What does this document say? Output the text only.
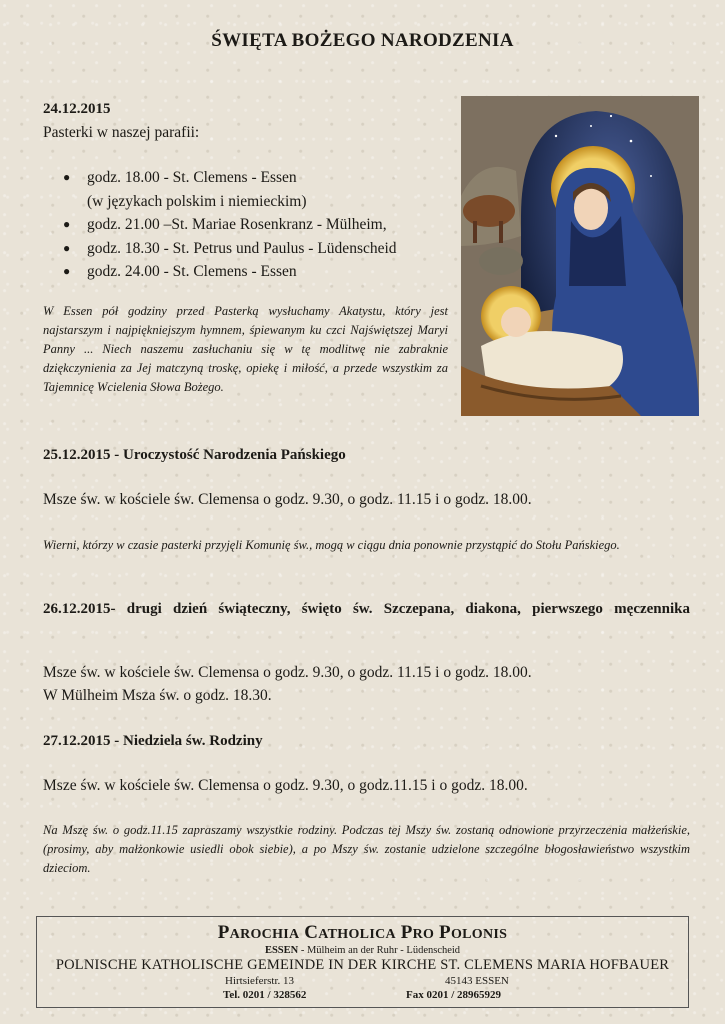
ŚWIĘTA BOŻEGO NARODZENIA
24.12.2015
Pasterki w naszej parafii:
● godz. 18.00 - St. Clemens - Essen
(w językach polskim i niemieckim)
● godz. 21.00 –St. Mariae Rosenkranz - Mülheim,
● godz. 18.30 - St. Petrus und Paulus - Lüdenscheid
● godz. 24.00 - St. Clemens - Essen
W Essen pół godziny przed Pasterką wysłuchamy Akatystu, który jest najstarszym i najpiękniejszym hymnem, śpiewanym ku czci Najświętszej Maryi Panny ... Niech naszemu zasłuchaniu się w tę modlitwę nie zabraknie dziękczynienia za Jej matczyną troskę, opiekę i miłość, a przede wszystkim za Tajemnicę Wcielenia Słowa Bożego.
25.12.2015 - Uroczystość Narodzenia Pańskiego
Msze św. w kościele św. Clemensa o godz. 9.30, o godz. 11.15 i o godz. 18.00.
Wierni, którzy w czasie pasterki przyjęli Komunię św., mogą w ciągu dnia ponownie przystąpić do Stołu Pańskiego.
26.12.2015- drugi dzień świąteczny, święto św. Szczepana, diakona, pierwszego męczennika
Msze św. w kościele św. Clemensa o godz. 9.30, o godz. 11.15 i o godz. 18.00.
W Mülheim Msza św. o godz. 18.30.
27.12.2015 - Niedziela św. Rodziny
Msze św. w kościele św. Clemensa o godz. 9.30, o godz.11.15 i o godz. 18.00.
Na Mszę św. o godz.11.15 zapraszamy wszystkie rodziny. Podczas tej Mszy św. zostaną odnowione przyrzeczenia małżeńskie, (prosimy, aby małżonkowie usiedli obok siebie), a po Mszy św. zostanie udzielone szczególne błogosławieństwo wszystkim dzieciom.
PAROCHIA CATHOLICA PRO POLONIS
ESSEN - Mülheim an der Ruhr - Lüdenscheid
POLNISCHE KATHOLISCHE GEMEINDE IN DER KIRCHE ST. CLEMENS MARIA HOFBAUER
Hirtsieferstr. 13	45143 ESSEN
Tel. 0201 / 328562	Fax 0201 / 28965929
